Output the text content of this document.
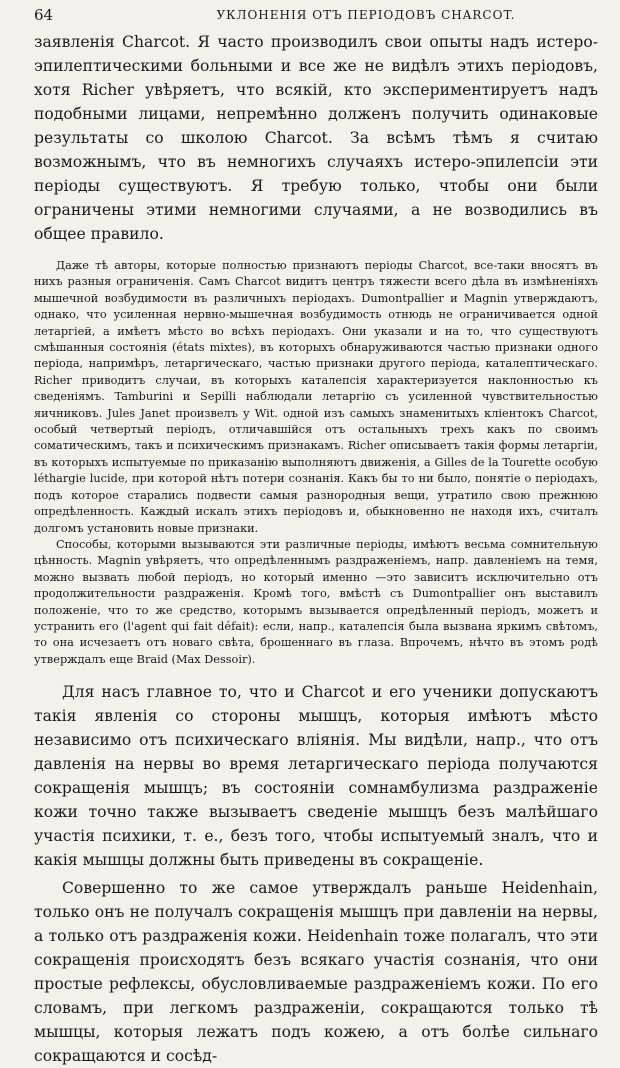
64	УКЛОНЕНІЯ ОТЪ ПЕРІОДОВЪ CHARCOT.

заявленія Charcot. Я часто производилъ свои опыты надъ истеро-эпилептическими больными и все же не видѣлъ этихъ періодовъ, хотя Richer увѣряетъ, что всякій, кто экспериментируетъ надъ подобными лицами, непремѣнно долженъ получить одинаковые результаты со школою Charcot. За всѣмъ тѣмъ я считаю возможнымъ, что въ немногихъ случаяхъ истеро-эпилепсіи эти періоды существуютъ. Я требую только, чтобы они были ограничены этими немногими случаями, а не возводились въ общее правило.

Даже тѣ авторы, которые полностью признаютъ періоды Charcot, все-таки вносятъ въ нихъ разныя ограниченія. Самъ Charcot видитъ центръ тяжести всего дѣла въ измѣненіяхъ мышечной возбудимости въ различныхъ періодахъ. Dumontpallier и Magnin утверждаютъ, однако, что усиленная нервно-мышечная возбудимость отнюдь не ограничивается одной летаргіей, а имѣетъ мѣсто во всѣхъ періодахъ. Они указали и на то, что существуютъ смѣшанныя состоянія (états mixtes), въ которыхъ обнаруживаются частью признаки одного періода, напримѣръ, летаргическаго, частью признаки другого періода, каталептическаго. Richer приводитъ случаи, въ которыхъ каталепсія характеризуется наклонностью къ сведеніямъ. Tamburini и Sepilli наблюдали летаргію съ усиленной чувствительностью яичниковъ. Jules Janet произвелъ у Wit. одной изъ самыхъ знаменитыхъ кліентокъ Charcot, особый четвертый періодъ, отличавшійся отъ остальныхъ трехъ какъ по своимъ соматическимъ, такъ и психическимъ признакамъ. Richer описываетъ такія формы летаргіи, въ которыхъ испытуемые по приказанію выполняютъ движенія, а Gilles de la Tourette особую léthargie lucide, при которой нѣтъ потери сознанія. Какъ бы то ни было, понятіе о періодахъ, подъ которое старались подвести самыя разнородныя вещи, утратило свою прежнюю опредѣленность. Каждый искалъ этихъ періодовъ и, обыкновенно не находя ихъ, считалъ долгомъ установить новые признаки.

Способы, которыми вызываются эти различные періоды, имѣютъ весьма сомнительную цѣнность. Magnin увѣряетъ, что опредѣленнымъ раздраженіемъ, напр. давленіемъ на темя, можно вызвать любой періодъ, но который именно —это зависитъ исключительно отъ продолжительности раздраженія. Кромѣ того, вмѣстѣ съ Dumontpallier онъ выставилъ положеніе, что то же средство, которымъ вызывается опредѣленный періодъ, можетъ и устранить его (l'agent qui fait défait): если, напр., каталепсія была вызвана яркимъ свѣтомъ, то она исчезаетъ отъ новаго свѣта, брошеннаго въ глаза. Впрочемъ, нѣчто въ этомъ родѣ утверждалъ еще Braid (Max Dessoir).

Для насъ главное то, что и Charcot и его ученики допускаютъ такія явленія со стороны мышцъ, которыя имѣютъ мѣсто независимо отъ психическаго вліянія. Мы видѣли, напр., что отъ давленія на нервы во время летаргическаго періода получаются сокращенія мышцъ; въ состояніи сомнамбулизма раздраженіе кожи точно также вызываетъ сведеніе мышцъ безъ малѣйшаго участія психики, т. е., безъ того, чтобы испытуемый зналъ, что и какія мышцы должны быть приведены въ сокращеніе.

Совершенно то же самое утверждалъ раньше Heidenhain, только онъ не получалъ сокращенія мышцъ при давленіи на нервы, а только отъ раздраженія кожи. Heidenhain тоже полагалъ, что эти сокращенія происходятъ безъ всякаго участія сознанія, что они простые рефлексы, обусловливаемые раздраженіемъ кожи. По его словамъ, при легкомъ раздраженіи, сокращаются только тѣ мышцы, которыя лежатъ подъ кожею, а отъ болѣе сильнаго сокращаются и сосѣд-
